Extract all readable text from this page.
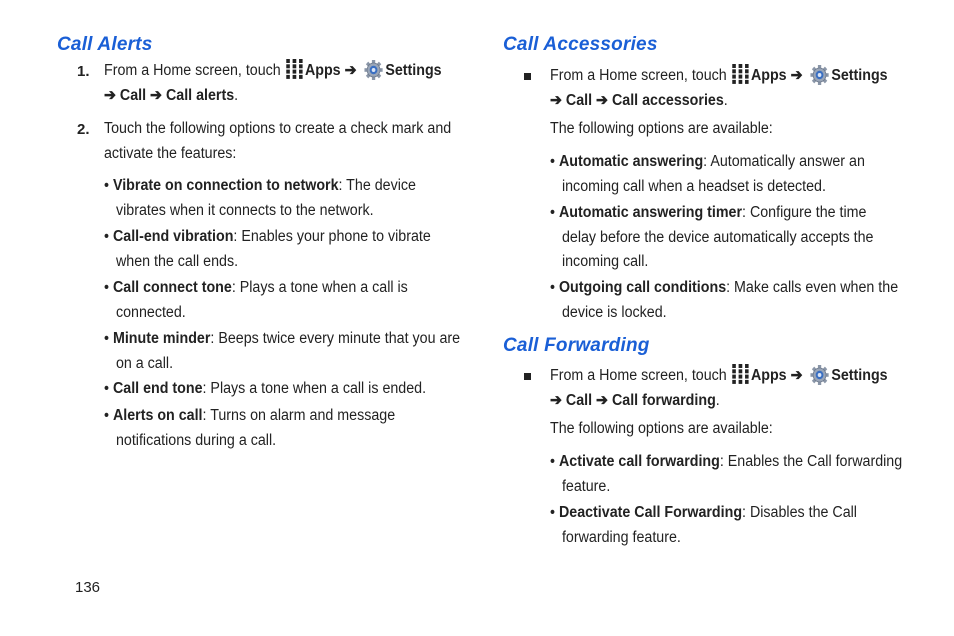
Call Alerts
1. From a Home screen, touch Apps ➔ Settings
➔ Call ➔ Call alerts.
2. Touch the following options to create a check mark and
activate the features:
• Vibrate on connection to network: The device
vibrates when it connects to the network.
• Call-end vibration: Enables your phone to vibrate
when the call ends.
• Call connect tone: Plays a tone when a call is
connected.
• Minute minder: Beeps twice every minute that you are
on a call.
• Call end tone: Plays a tone when a call is ended.
• Alerts on call: Turns on alarm and message
notifications during a call.
Call Accessories
From a Home screen, touch Apps ➔ Settings
➔ Call ➔ Call accessories.
The following options are available:
• Automatic answering: Automatically answer an
incoming call when a headset is detected.
• Automatic answering timer: Configure the time
delay before the device automatically accepts the
incoming call.
• Outgoing call conditions: Make calls even when the
device is locked.
Call Forwarding
From a Home screen, touch Apps ➔ Settings
➔ Call ➔ Call forwarding.
The following options are available:
• Activate call forwarding: Enables the Call forwarding
feature.
• Deactivate Call Forwarding: Disables the Call
forwarding feature.
136
